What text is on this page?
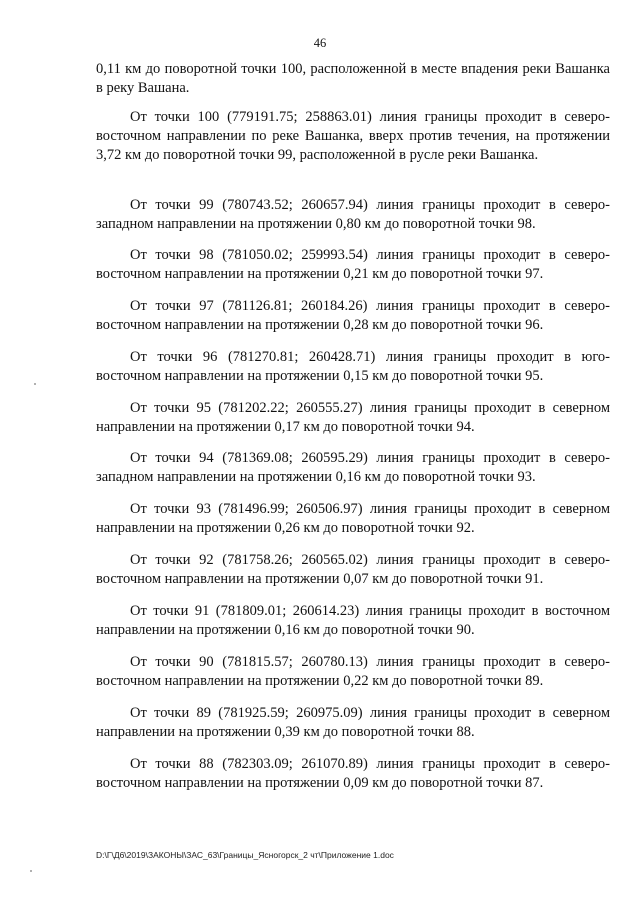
46

0,11 км до поворотной точки 100, расположенной в месте впадения реки Вашанка в реку Вашана.

От точки 100 (779191.75; 258863.01) линия границы проходит в северо-восточном направлении по реке Вашанка, вверх против течения, на протяжении 3,72 км до поворотной точки 99, расположенной в русле реки Вашанка.

От точки 99 (780743.52; 260657.94) линия границы проходит в северо-западном направлении на протяжении 0,80 км до поворотной точки 98.

От точки 98 (781050.02; 259993.54) линия границы проходит в северо-восточном направлении на протяжении 0,21 км до поворотной точки 97.

От точки 97 (781126.81; 260184.26) линия границы проходит в северо-восточном направлении на протяжении 0,28 км до поворотной точки 96.

От точки 96 (781270.81; 260428.71) линия границы проходит в юго-восточном направлении на протяжении 0,15 км до поворотной точки 95.

От точки 95 (781202.22; 260555.27) линия границы проходит в северном направлении на протяжении 0,17 км до поворотной точки 94.

От точки 94 (781369.08; 260595.29) линия границы проходит в северо-западном направлении на протяжении 0,16 км до поворотной точки 93.

От точки 93 (781496.99; 260506.97) линия границы проходит в северном направлении на протяжении 0,26 км до поворотной точки 92.

От точки 92 (781758.26; 260565.02) линия границы проходит в северо-восточном направлении на протяжении 0,07 км до поворотной точки 91.

От точки 91 (781809.01; 260614.23) линия границы проходит в восточном направлении на протяжении 0,16 км до поворотной точки 90.

От точки 90 (781815.57; 260780.13) линия границы проходит в северо-восточном направлении на протяжении 0,22 км до поворотной точки 89.

От точки 89 (781925.59; 260975.09) линия границы проходит в северном направлении на протяжении 0,39 км до поворотной точки 88.

От точки 88 (782303.09; 261070.89) линия границы проходит в северо-восточном направлении на протяжении 0,09 км до поворотной точки 87.

D:\Г\Д6\2019\ЗАКОНЫ\ЗАС_63\Границы_Ясногорск_2 чт\Приложение 1.doc
